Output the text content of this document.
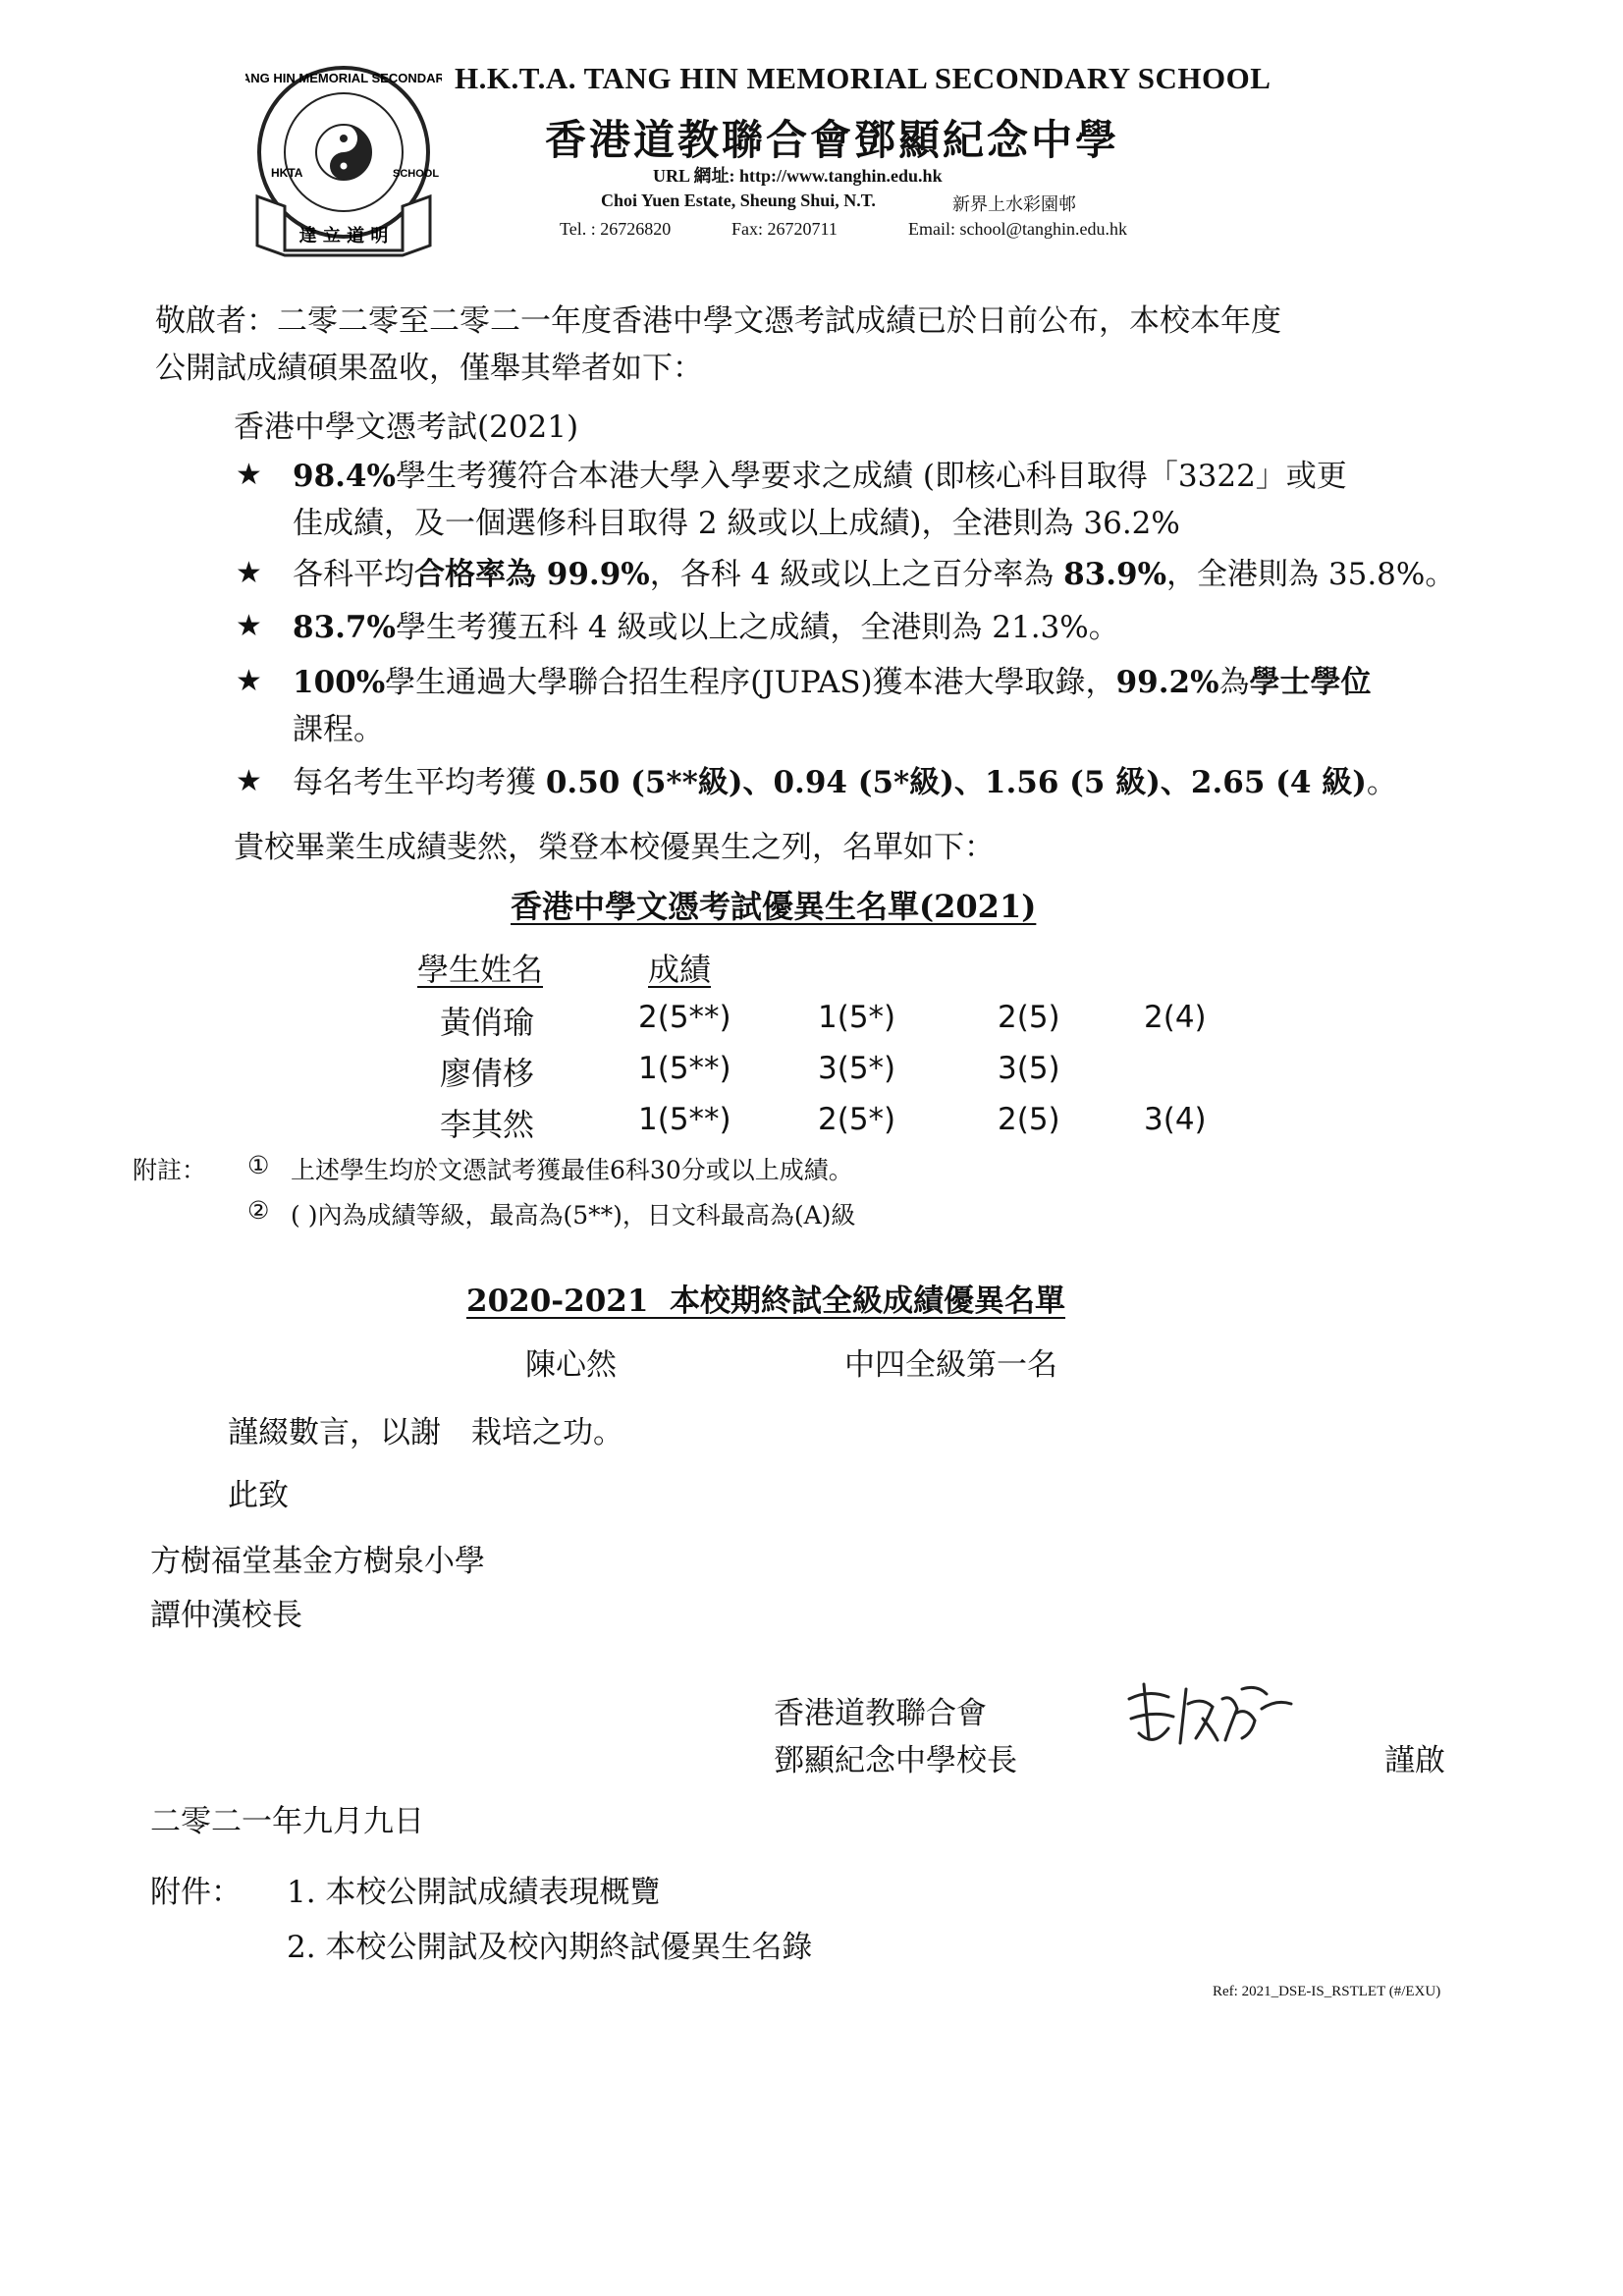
TANG HIN MEMORIAL SECONDARY
HKTA	SCHOOL
達 立 道 明
H.K.T.A. TANG HIN MEMORIAL SECONDARY SCHOOL
香港道教聯合會鄧顯紀念中學
URL 網址: http://www.tanghin.edu.hk
Choi Yuen Estate, Sheung Shui, N.T.	新界上水彩園邨
Tel. : 26726820	Fax: 26720711	Email: school@tanghin.edu.hk
敬啟者：二零二零至二零二一年度香港中學文憑考試成績已於日前公布，本校本年度
公開試成績碩果盈收，僅舉其犖者如下：
香港中學文憑考試(2021)
★ 98.4%學生考獲符合本港大學入學要求之成績 (即核心科目取得「3322」或更
佳成績，及一個選修科目取得 2 級或以上成績)，全港則為 36.2%
★ 各科平均合格率為 99.9%，各科 4 級或以上之百分率為 83.9%，全港則為 35.8%。
★ 83.7%學生考獲五科 4 級或以上之成績，全港則為 21.3%。
★ 100%學生通過大學聯合招生程序(JUPAS)獲本港大學取錄，99.2%為學士學位
課程。
★ 每名考生平均考獲 0.50 (5**級)、0.94 (5*級)、1.56 (5 級)、2.65 (4 級)。
貴校畢業生成績斐然，榮登本校優異生之列，名單如下：
香港中學文憑考試優異生名單(2021)
學生姓名	成績
黃俏瑜	2(5**)	1(5*)	2(5)	2(4)
廖倩栘	1(5**)	3(5*)	3(5)
李其然	1(5**)	2(5*)	2(5)	3(4)
附註： ① 上述學生均於文憑試考獲最佳6科30分或以上成績。
② ( )內為成績等級，最高為(5**)，日文科最高為(A)級
2020-2021  本校期終試全級成績優異名單
陳心然	中四全級第一名
謹綴數言，以謝　栽培之功。
此致
方樹福堂基金方樹泉小學
譚仲漢校長
香港道教聯合會
鄧顯紀念中學校長	謹啟
二零二一年九月九日
附件： 1. 本校公開試成績表現概覽
2. 本校公開試及校內期終試優異生名錄
Ref: 2021_DSE-IS_RSTLET (#/EXU)
